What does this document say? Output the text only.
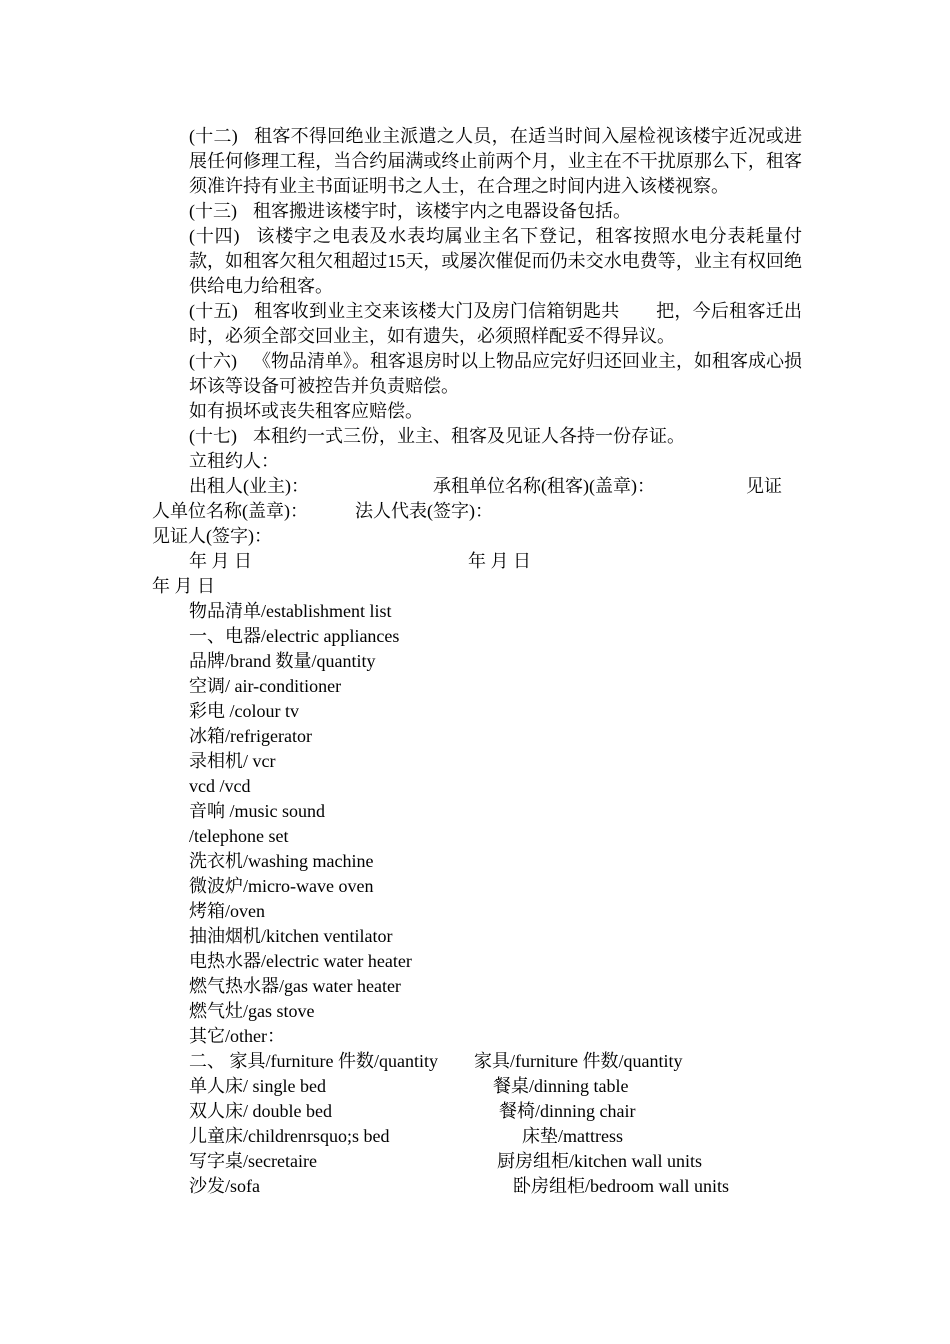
(十二) 租客不得回绝业主派遣之人员，在适当时间入屋检视该楼宇近况或进展任何修理工程，当合约届满或终止前两个月，业主在不干扰原那么下，租客须准许持有业主书面证明书之人士，在合理之时间内进入该楼视察。

(十三) 租客搬进该楼宇时，该楼宇内之电器设备包括。

(十四) 该楼宇之电表及水表均属业主名下登记，租客按照水电分表耗量付款，如租客欠租欠租超过15天，或屡次催促而仍未交水电费等，业主有权回绝供给电力给租客。

(十五) 租客收到业主交来该楼大门及房门信箱钥匙共　　把，今后租客迁出时，必须全部交回业主，如有遗失，必须照样配妥不得异议。

(十六) 《物品清单》。租客退房时以上物品应完好归还回业主，如租客成心损坏该等设备可被控告并负责赔偿。

如有损坏或丧失租客应赔偿。

(十七) 本租约一式三份，业主、租客及见证人各持一份存证。

立租约人：

出租人(业主)：	承租单位名称(租客)(盖章)：	见证
人单位名称(盖章)：	法人代表(签字)：

见证人(签字)：

年 月 日	年 月 日

年 月 日

物品清单/establishment list

一、电器/electric appliances

品牌/brand 数量/quantity

空调/ air-conditioner

彩电 /colour tv

冰箱/refrigerator

录相机/ vcr

vcd /vcd

音响 /music sound

/telephone set

洗衣机/washing machine

微波炉/micro-wave oven

烤箱/oven

抽油烟机/kitchen ventilator

电热水器/electric water heater

燃气热水器/gas water heater

燃气灶/gas stove

其它/other：

二、 家具/furniture 件数/quantity 家具/furniture 件数/quantity
单人床/ single bed	餐桌/dinning table
双人床/ double bed	餐椅/dinning chair
儿童床/childrenrsquo;s bed	床垫/mattress
写字桌/secretaire	厨房组柜/kitchen wall units
沙发/sofa	卧房组柜/bedroom wall units
